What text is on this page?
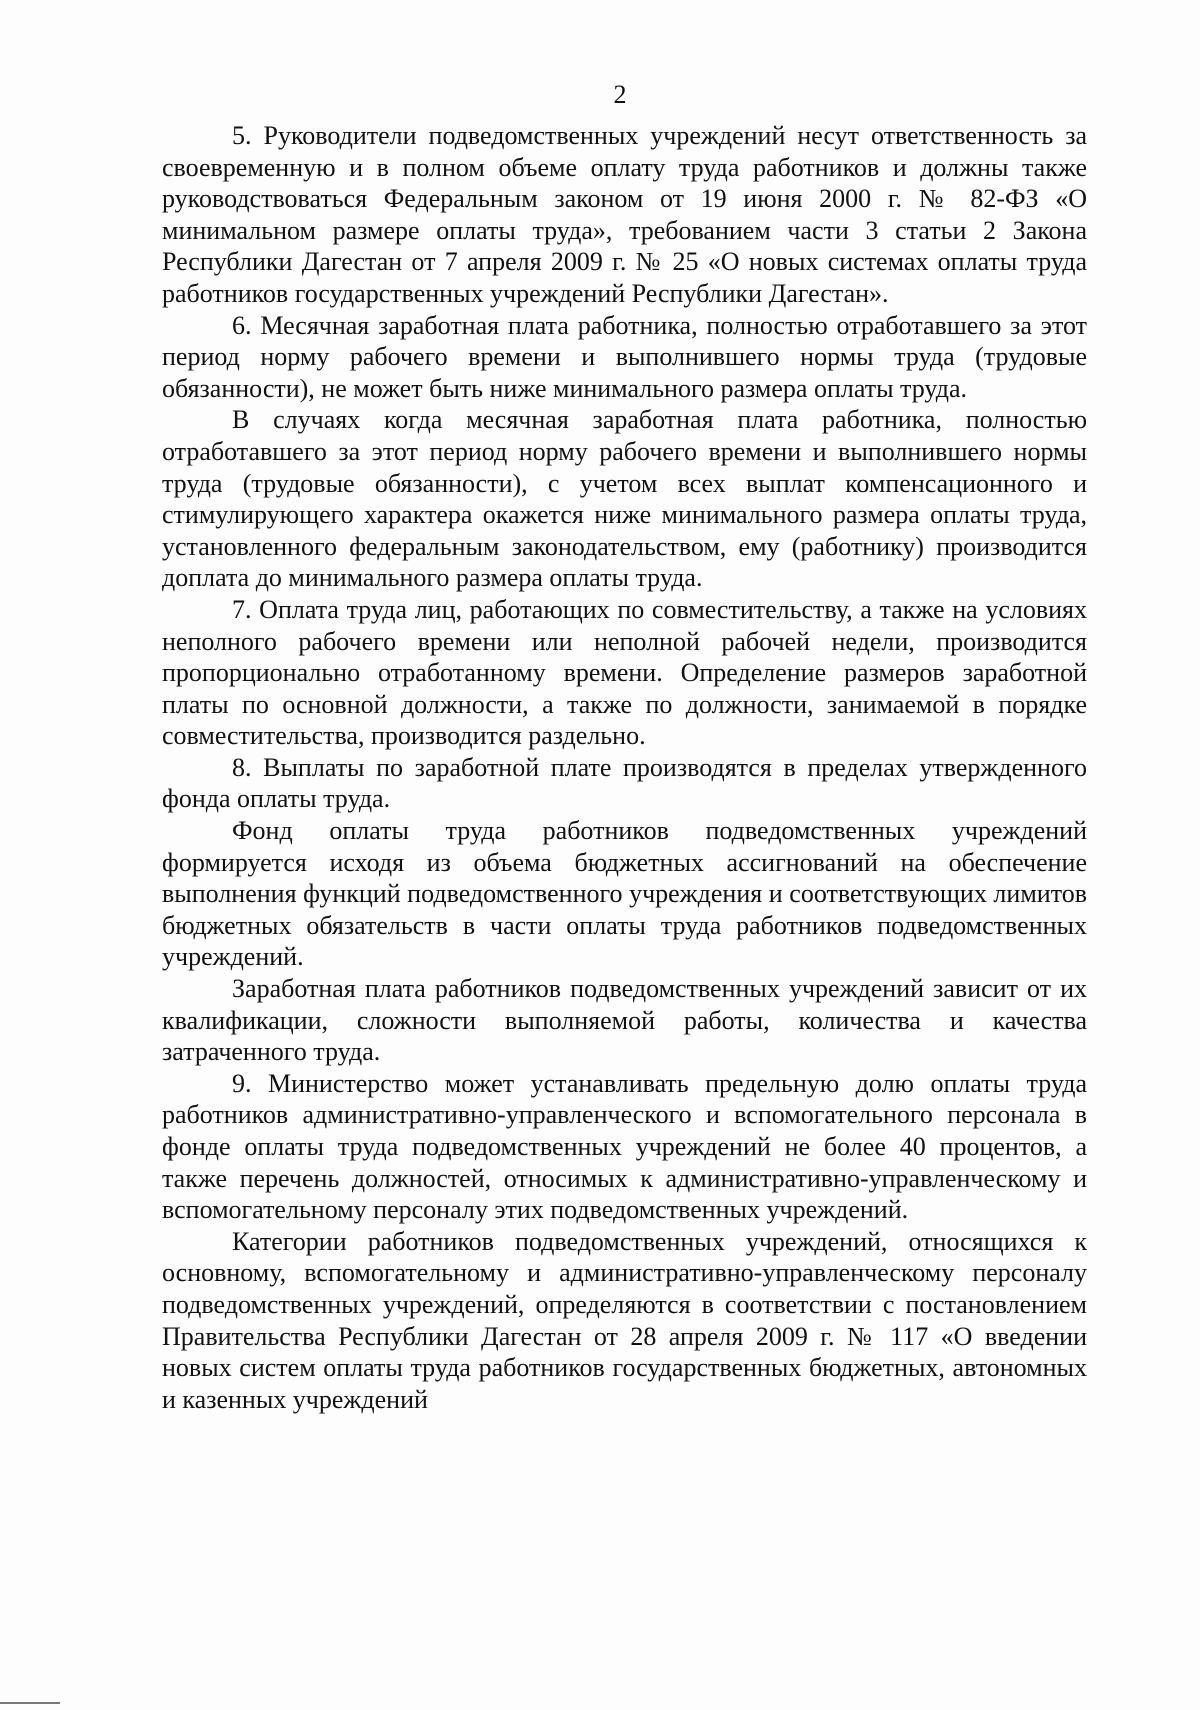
2

5. Руководители подведомственных учреждений несут ответственность за своевременную и в полном объеме оплату труда работников и должны также руководствоваться Федеральным законом от 19 июня 2000 г. № 82-ФЗ «О минимальном размере оплаты труда», требованием части 3 статьи 2 Закона Республики Дагестан от 7 апреля 2009 г. № 25 «О новых системах оплаты труда работников государственных учреждений Республики Дагестан».

6. Месячная заработная плата работника, полностью отработавшего за этот период норму рабочего времени и выполнившего нормы труда (трудовые обязанности), не может быть ниже минимального размера оплаты труда.

В случаях когда месячная заработная плата работника, полностью отработавшего за этот период норму рабочего времени и выполнившего нормы труда (трудовые обязанности), с учетом всех выплат компенсационного и стимулирующего характера окажется ниже минимального размера оплаты труда, установленного федеральным законодательством, ему (работнику) производится доплата до минимального размера оплаты труда.

7. Оплата труда лиц, работающих по совместительству, а также на условиях неполного рабочего времени или неполной рабочей недели, производится пропорционально отработанному времени. Определение размеров заработной платы по основной должности, а также по должности, занимаемой в порядке совместительства, производится раздельно.

8. Выплаты по заработной плате производятся в пределах утвержденного фонда оплаты труда.

Фонд оплаты труда работников подведомственных учреждений формируется исходя из объема бюджетных ассигнований на обеспечение выполнения функций подведомственного учреждения и соответствующих лимитов бюджетных обязательств в части оплаты труда работников подведомственных учреждений.

Заработная плата работников подведомственных учреждений зависит от их квалификации, сложности выполняемой работы, количества и качества затраченного труда.

9. Министерство может устанавливать предельную долю оплаты труда работников административно-управленческого и вспомогательного персонала в фонде оплаты труда подведомственных учреждений не более 40 процентов, а также перечень должностей, относимых к административно-управленческому и вспомогательному персоналу этих подведомственных учреждений.

Категории работников подведомственных учреждений, относящихся к основному, вспомогательному и административно-управленческому персоналу подведомственных учреждений, определяются в соответствии с постановлением Правительства Республики Дагестан от 28 апреля 2009 г. № 117 «О введении новых систем оплаты труда работников государственных бюджетных, автономных и казенных учреждений
